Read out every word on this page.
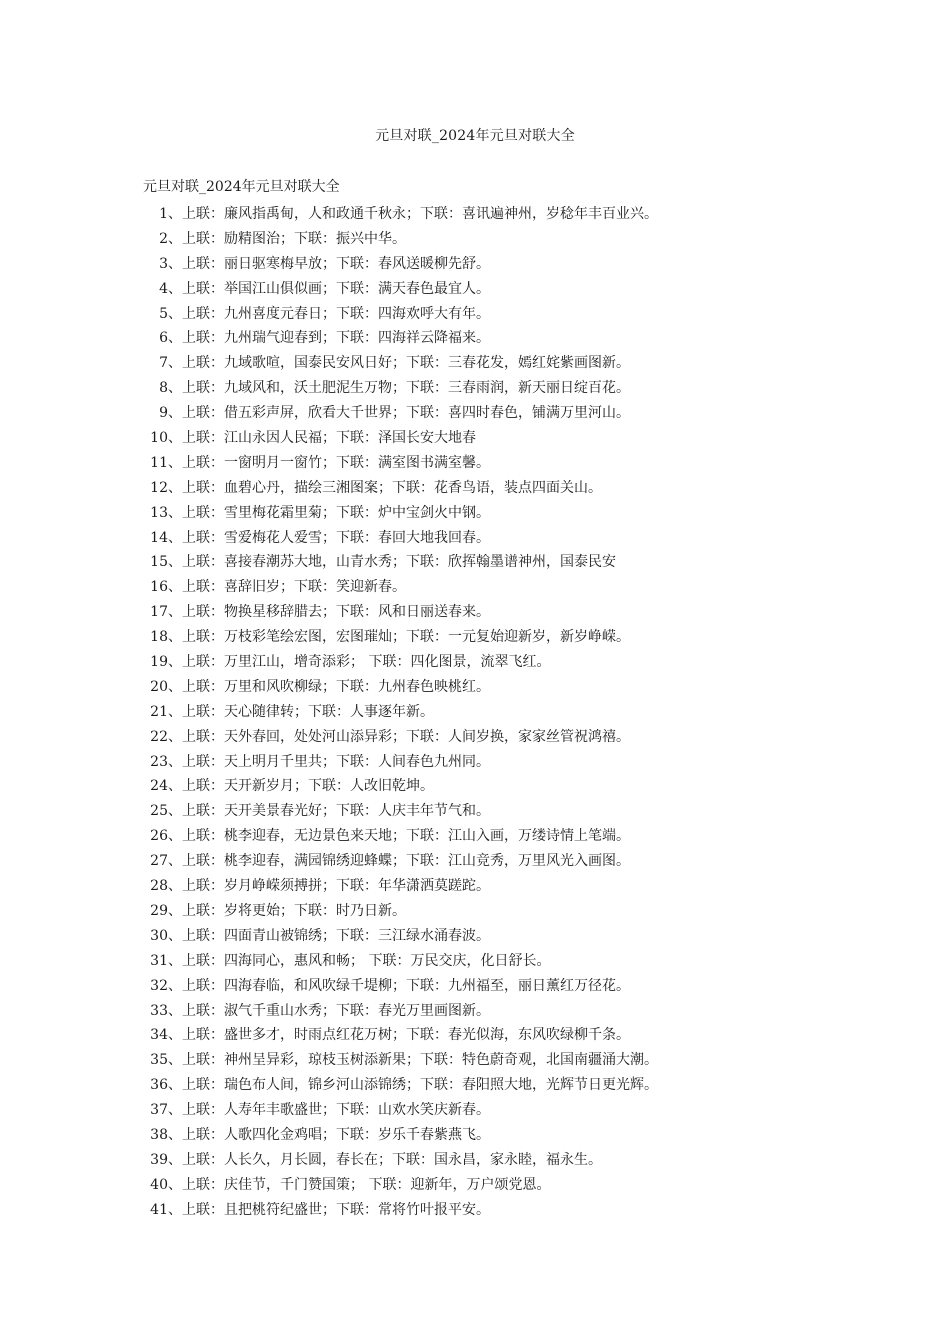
元旦对联_2024年元旦对联大全
元旦对联_2024年元旦对联大全
1、上联：廉风指禹甸，人和政通千秋永；下联：喜讯遍神州，岁稔年丰百业兴。
2、上联：励精图治；下联：振兴中华。
3、上联：丽日驱寒梅早放；下联：春风送暖柳先舒。
4、上联：举国江山俱似画；下联：满天春色最宜人。
5、上联：九州喜度元春日；下联：四海欢呼大有年。
6、上联：九州瑞气迎春到；下联：四海祥云降福来。
7、上联：九域歌喧，国泰民安风日好；下联：三春花发，嫣红姹紫画图新。
8、上联：九域风和，沃土肥泥生万物；下联：三春雨润，新天丽日绽百花。
9、上联：借五彩声屏，欣看大千世界；下联：喜四时春色，铺满万里河山。
10、上联：江山永因人民福；下联：泽国长安大地春
11、上联：一窗明月一窗竹；下联：满室图书满室馨。
12、上联：血碧心丹，描绘三湘图案；下联：花香鸟语，装点四面关山。
13、上联：雪里梅花霜里菊；下联：炉中宝剑火中钢。
14、上联：雪爱梅花人爱雪；下联：春回大地我回春。
15、上联：喜接春潮苏大地，山青水秀；下联：欣挥翰墨谱神州，国泰民安
16、上联：喜辞旧岁；下联：笑迎新春。
17、上联：物换星移辞腊去；下联：风和日丽送春来。
18、上联：万枝彩笔绘宏图，宏图璀灿；下联：一元复始迎新岁，新岁峥嵘。
19、上联：万里江山，增奇添彩； 下联：四化图景，流翠飞红。
20、上联：万里和风吹柳绿；下联：九州春色映桃红。
21、上联：天心随律转；下联：人事逐年新。
22、上联：天外春回，处处河山添异彩；下联：人间岁换，家家丝管祝鸿禧。
23、上联：天上明月千里共；下联：人间春色九州同。
24、上联：天开新岁月；下联：人改旧乾坤。
25、上联：天开美景春光好；下联：人庆丰年节气和。
26、上联：桃李迎春，无边景色来天地；下联：江山入画，万缕诗情上笔端。
27、上联：桃李迎春，满园锦绣迎蜂蝶；下联：江山竞秀，万里风光入画图。
28、上联：岁月峥嵘须搏拼；下联：年华潇洒莫蹉跎。
29、上联：岁将更始；下联：时乃日新。
30、上联：四面青山被锦绣；下联：三江绿水涌春波。
31、上联：四海同心，惠风和畅； 下联：万民交庆，化日舒长。
32、上联：四海春临，和风吹绿千堤柳；下联：九州福至，丽日薰红万径花。
33、上联：淑气千重山水秀；下联：春光万里画图新。
34、上联：盛世多才，时雨点红花万树；下联：春光似海，东风吹绿柳千条。
35、上联：神州呈异彩，琼枝玉树添新果；下联：特色蔚奇观，北国南疆涌大潮。
36、上联：瑞色布人间，锦乡河山添锦绣；下联：春阳照大地，光辉节日更光辉。
37、上联：人寿年丰歌盛世；下联：山欢水笑庆新春。
38、上联：人歌四化金鸡唱；下联：岁乐千春紫燕飞。
39、上联：人长久，月长圆，春长在；下联：国永昌，家永睦，福永生。
40、上联：庆佳节，千门赞国策； 下联：迎新年，万户颂党恩。
41、上联：且把桃符纪盛世；下联：常将竹叶报平安。
